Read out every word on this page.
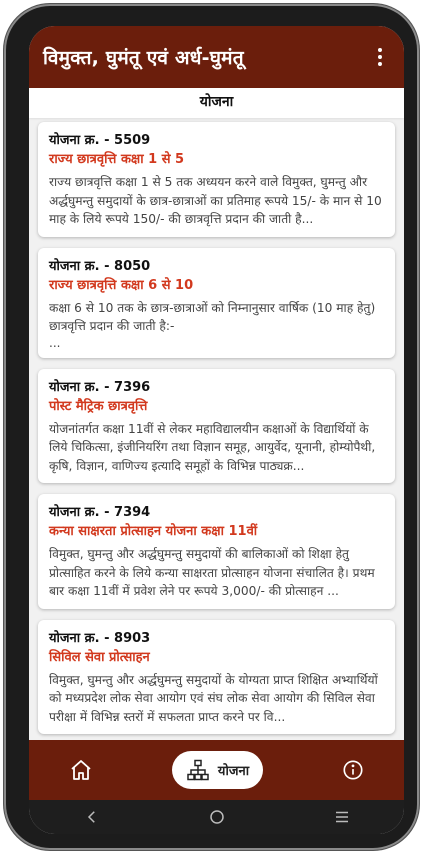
विमुक्त, घुमंतू एवं अर्ध-घुमंतू
योजना
योजना क्र. - 5509
राज्य छात्रवृत्ति कक्षा 1 से 5
राज्य छात्रवृत्ति कक्षा 1 से 5 तक अध्ययन करने वाले विमुक्त, घुमन्तु और अर्द्धघुमन्तु समुदायों के छात्र-छात्राओं का प्रतिमाह रूपये 15/- के मान से 10 माह के लिये रूपये 150/- की छात्रवृत्ति प्रदान की जाती है...
योजना क्र. - 8050
राज्य छात्रवृत्ति कक्षा 6 से 10
कक्षा 6 से 10 तक के छात्र-छात्राओं को निम्नानुसार वार्षिक (10 माह हेतु) छात्रवृत्ति प्रदान की जाती है:-
...
योजना क्र. - 7396
पोस्ट मैट्रिक छात्रवृत्ति
योजनांतर्गत कक्षा 11वीं से लेकर महाविद्यालयीन कक्षाओं के विद्यार्थियों के लिये चिकित्सा, इंजीनियरिंग तथा विज्ञान समूह, आयुर्वेद, यूनानी, होम्योपैथी, कृषि, विज्ञान, वाणिज्य इत्यादि समूहों के विभिन्न पाठ्यक्र...
योजना क्र. - 7394
कन्या साक्षरता प्रोत्साहन योजना कक्षा 11वीं
विमुक्त, घुमन्तु और अर्द्धघुमन्तु समुदायों की बालिकाओं को शिक्षा हेतु प्रोत्साहित करने के लिये कन्या साक्षरता प्रोत्साहन योजना संचालित है। प्रथम बार कक्षा 11वीं में प्रवेश लेने पर रूपये 3,000/- की प्रोत्साहन ...
योजना क्र. - 8903
सिविल सेवा प्रोत्साहन
विमुक्त, घुमन्तु और अर्द्धघुमन्तु समुदायों के योग्यता प्राप्त शिक्षित अभ्यार्थियों को मध्यप्रदेश लोक सेवा आयोग एवं संघ लोक सेवा आयोग की सिविल सेवा परीक्षा में विभिन्न स्तरों में सफलता प्राप्त करने पर वि...
योजना
